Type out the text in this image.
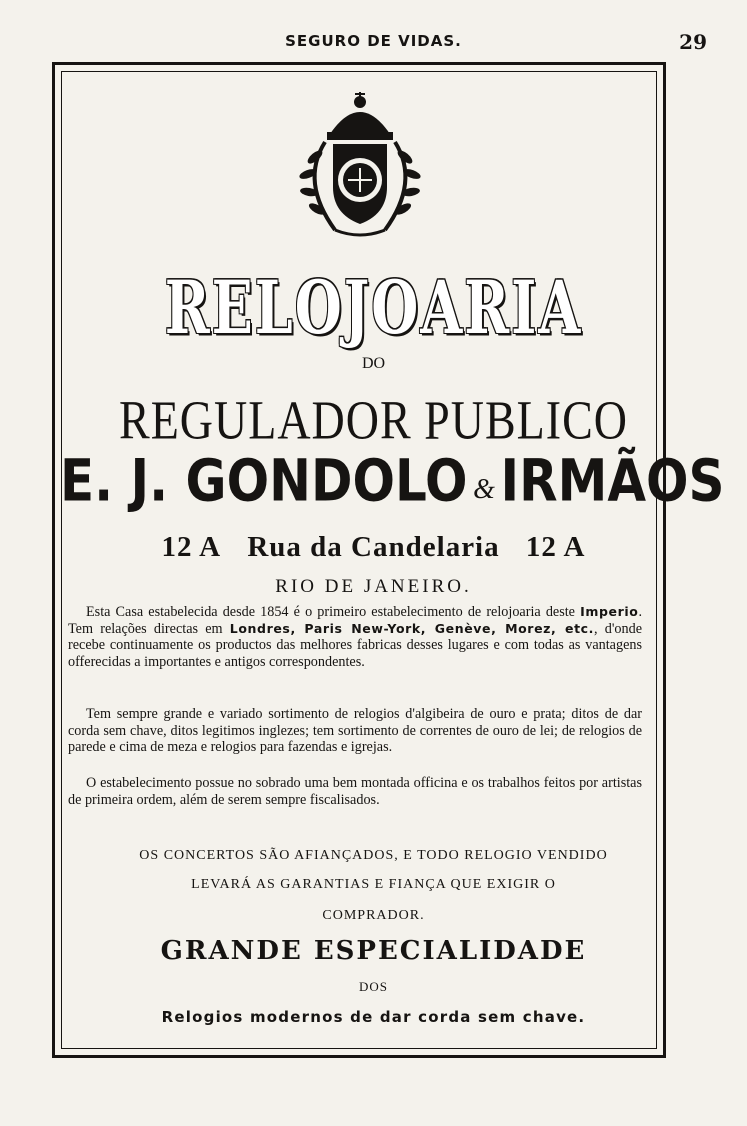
SEGURO DE VIDAS.	29
RELOJOARIA
DO
REGULADOR PUBLICO
E. J. GONDOLO & IRMÃOS
12 A Rua da Candelaria 12 A
RIO DE JANEIRO.
Esta Casa estabelecida desde 1854 é o primeiro estabelecimento de relojoaria deste Imperio. Tem relações directas em Londres, Paris New-York, Genève, Morez, etc., d'onde recebe continuamente os productos das melhores fabricas desses lugares e com todas as vantagens offerecidas a importantes e antigos correspondentes.
Tem sempre grande e variado sortimento de relogios d'algibeira de ouro e prata; ditos de dar corda sem chave, ditos legitimos inglezes; tem sortimento de correntes de ouro de lei; de relogios de parede e cima de meza e relogios para fazendas e igrejas.
O estabelecimento possue no sobrado uma bem montada officina e os trabalhos feitos por artistas de primeira ordem, além de serem sempre fiscalisados.
OS CONCERTOS SÃO AFIANÇADOS, E TODO RELOGIO VENDIDO
LEVARÁ AS GARANTIAS E FIANÇA QUE EXIGIR O
COMPRADOR.
GRANDE ESPECIALIDADE
DOS
Relogios modernos de dar corda sem chave.
